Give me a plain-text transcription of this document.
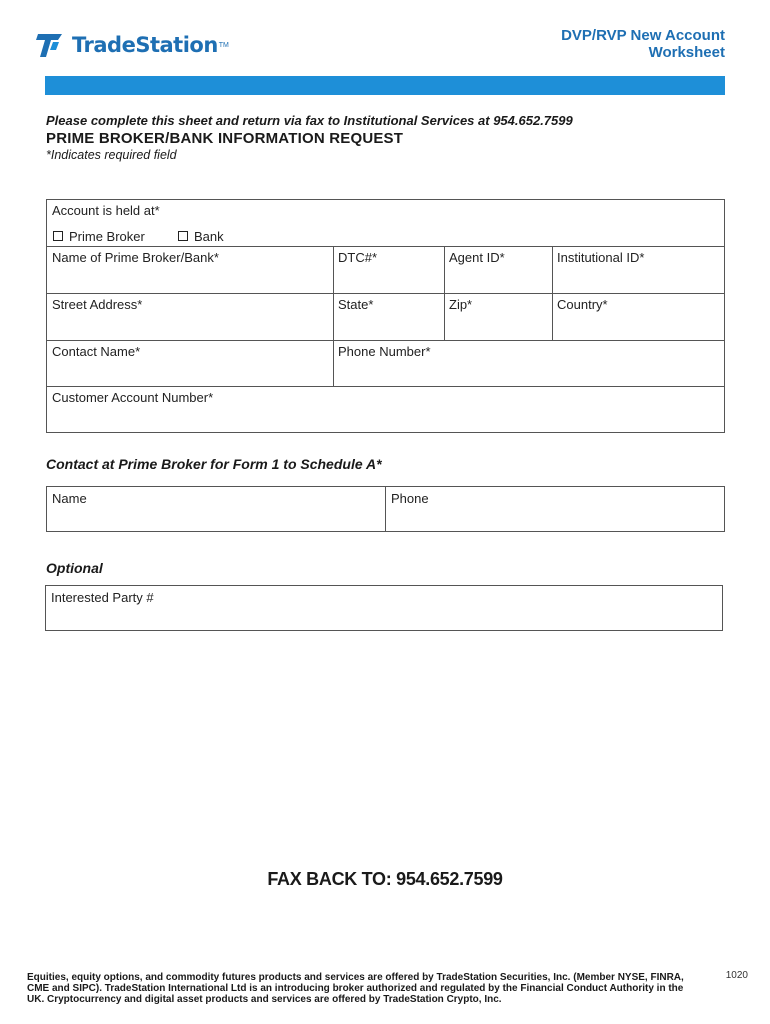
TradeStation TM
DVP/RVP New Account
Worksheet
Please complete this sheet and return via fax to Institutional Services at 954.652.7599
PRIME BROKER/BANK INFORMATION REQUEST
*Indicates required field
Account is held at*
Prime Broker	Bank
Name of Prime Broker/Bank*	DTC#*	Agent ID*	Institutional ID*
Street Address*	State*	Zip*	Country*
Contact Name*	Phone Number*
Customer Account Number*
Contact at Prime Broker for Form 1 to Schedule A*
Name	Phone
Optional
Interested Party #
FAX BACK TO: 954.652.7599
Equities, equity options, and commodity futures products and services are offered by TradeStation Securities, Inc. (Member NYSE, FINRA, CME and SIPC). TradeStation International Ltd is an introducing broker authorized and regulated by the Financial Conduct Authority in the UK. Cryptocurrency and digital asset products and services are offered by TradeStation Crypto, Inc.
1020
